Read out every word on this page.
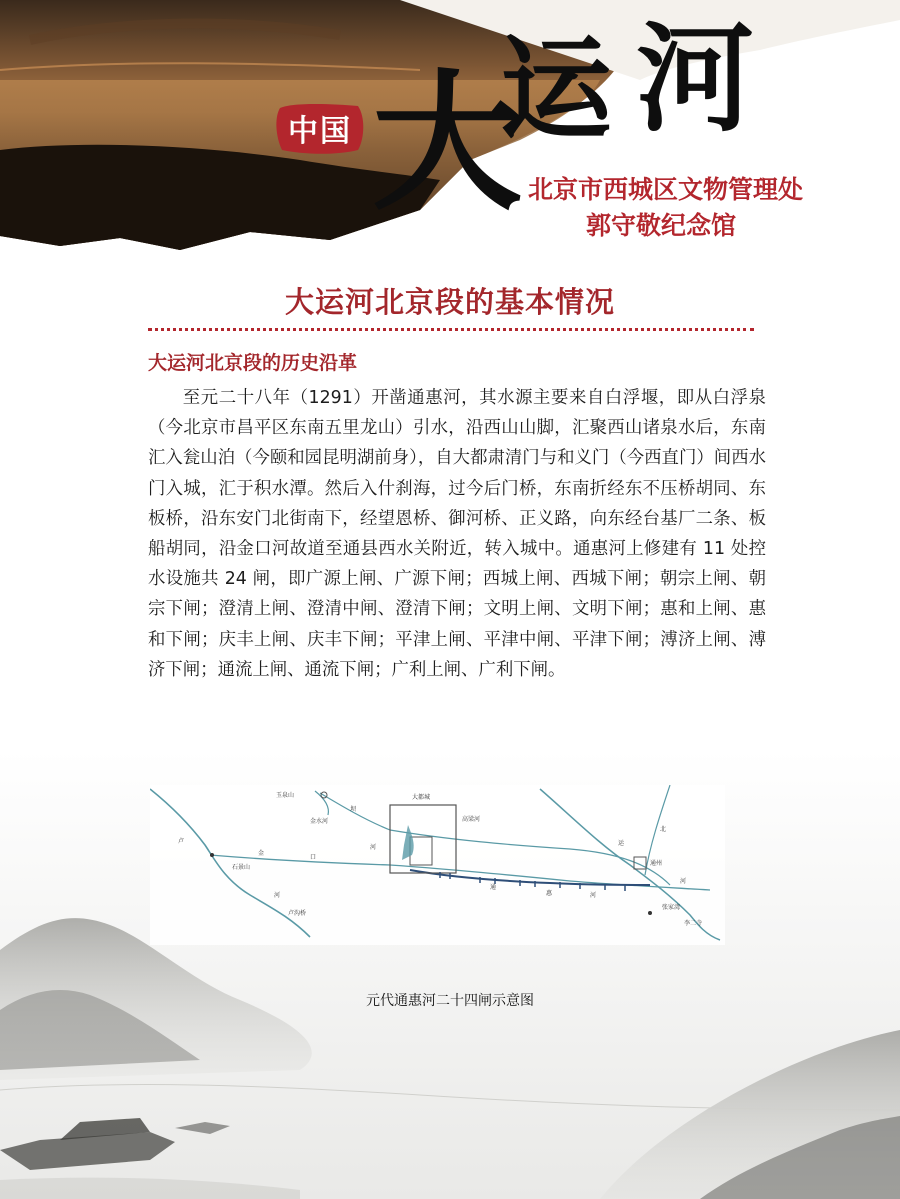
中国 大
运 河
北京市西城区文物管理处
郭守敬纪念馆
大运河北京段的基本情况
大运河北京段的历史沿革

至元二十八年（1291）开凿通惠河，其水源主要来自白浮堰，即从白浮泉（今北京市昌平区东南五里龙山）引水，沿西山山脚，汇聚西山诸泉水后，东南汇入瓮山泊（今颐和园昆明湖前身），自大都肃清门与和义门（今西直门）间西水门入城，汇于积水潭。然后入什刹海，过今后门桥，东南折经东不压桥胡同、东板桥，沿东安门北街南下，经望恩桥、御河桥、正义路，向东经台基厂二条、板船胡同，沿金口河故道至通县西水关附近，转入城中。通惠河上修建有 11 处控水设施共 24 闸，即广源上闸、广源下闸；西城上闸、西城下闸；朝宗上闸、朝宗下闸；澄清上闸、澄清中闸、澄清下闸；文明上闸、文明下闸；惠和上闸、惠和下闸；庆丰上闸、庆丰下闸；平津上闸、平津中闸、平津下闸；溥济上闸、溥济下闸；通流上闸、通流下闸；广利上闸、广利下闸。

玉泉山	大都城
卢
卢沟桥
石景山
河
金
口
河
通
惠	河
通州
北
运
河
张家湾
李二寺
高梁河
金水河
坝
元代通惠河二十四闸示意图
